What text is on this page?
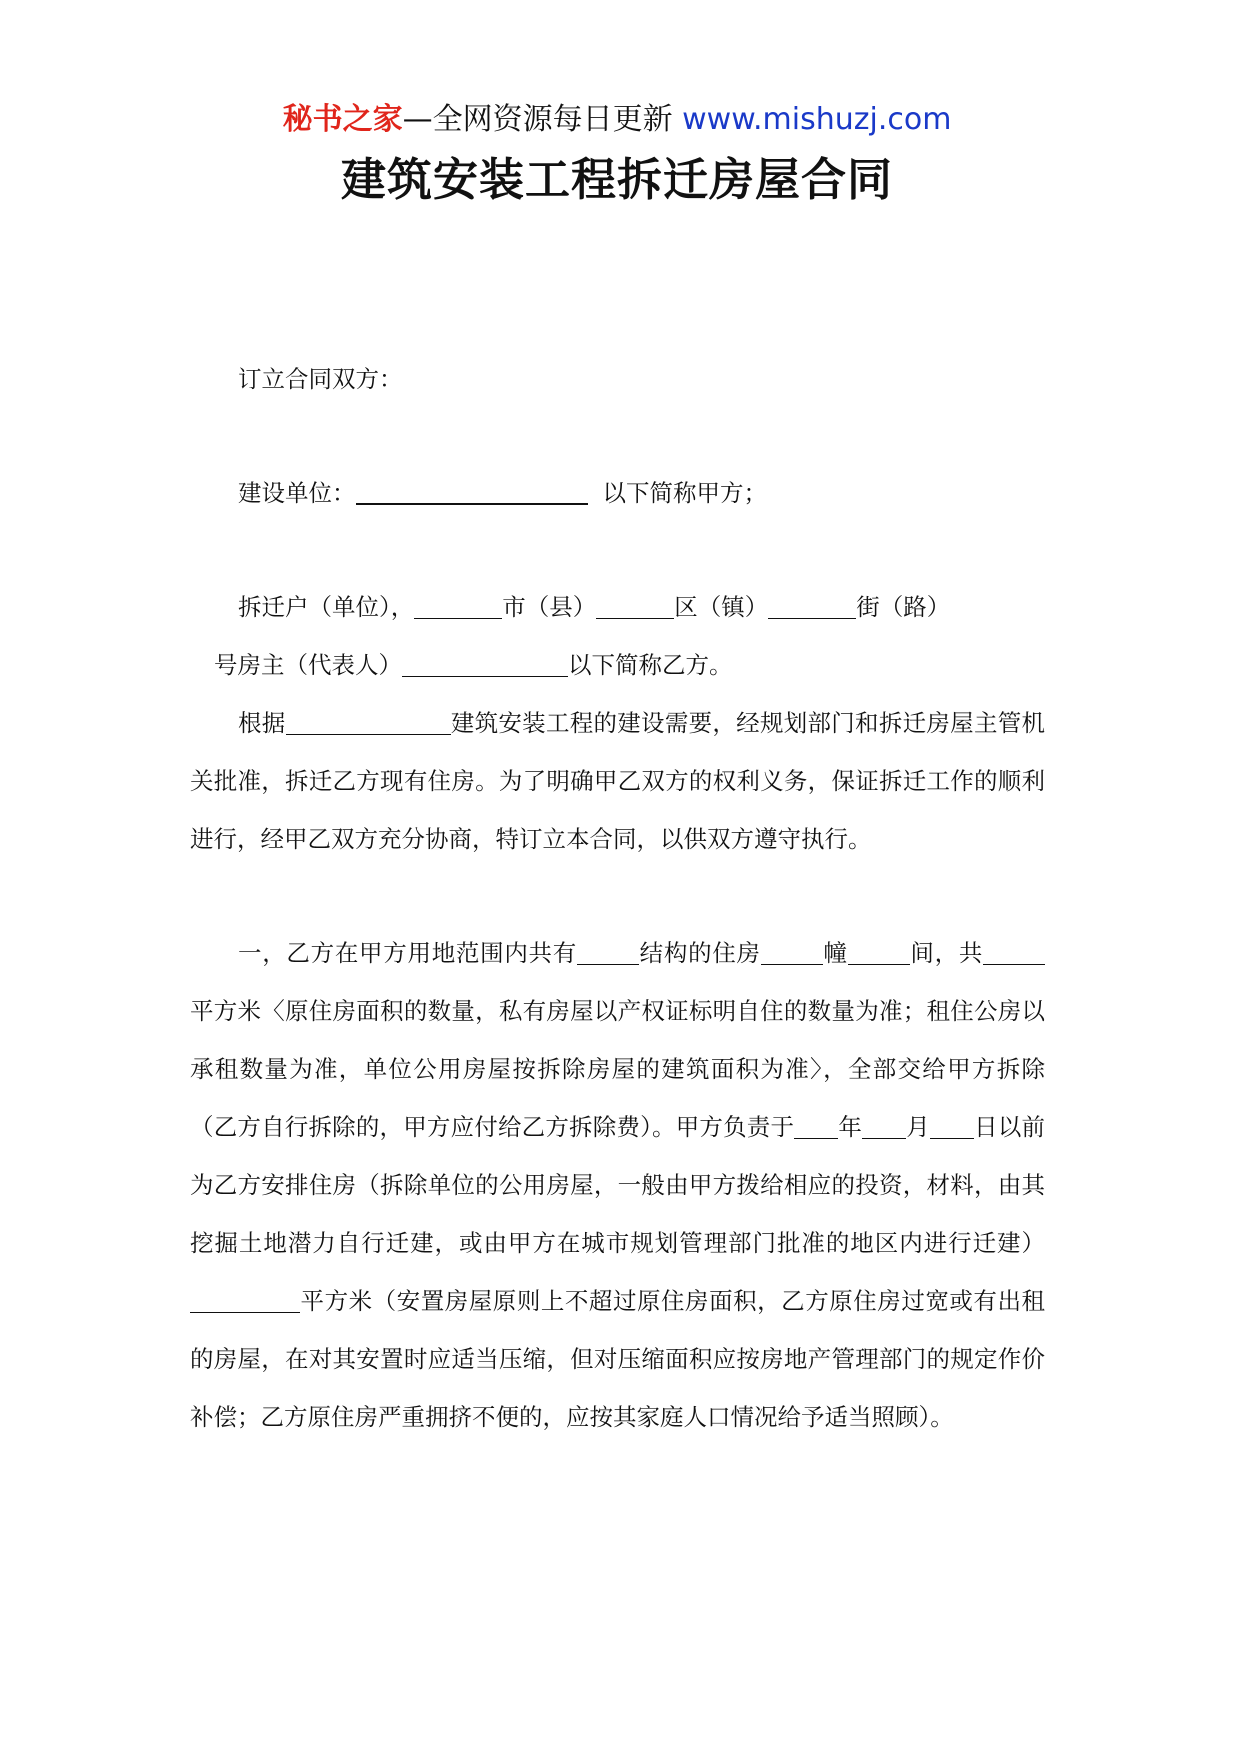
秘书之家—全网资源每日更新 www.mishuzj.com
建筑安装工程拆迁房屋合同

订立合同双方：

建设单位：	以下简称甲方；

拆迁户（单位），	市（县）	区（镇）	街（路）

号房主（代表人）	以下简称乙方。

根据	建筑安装工程的建设需要，经规划部门和拆迁房屋主管机关批准，拆迁乙方现有住房。为了明确甲乙双方的权利义务，保证拆迁工作的顺利进行，经甲乙双方充分协商，特订立本合同，以供双方遵守执行。

一，乙方在甲方用地范围内共有	结构的住房	幢	间，共平方米〈原住房面积的数量，私有房屋以产权证标明自住的数量为准；租住公房以承租数量为准，单位公用房屋按拆除房屋的建筑面积为准〉，全部交给甲方拆除（乙方自行拆除的，甲方应付给乙方拆除费）。甲方负责于 年 月 日以前为乙方安排住房（拆除单位的公用房屋，一般由甲方拨给相应的投资，材料，由其挖掘土地潜力自行迁建，或由甲方在城市规划管理部门批准的地区内进行迁建）平方米（安置房屋原则上不超过原住房面积，乙方原住房过宽或有出租的房屋，在对其安置时应适当压缩，但对压缩面积应按房地产管理部门的规定作价补偿；乙方原住房严重拥挤不便的，应按其家庭人口情况给予适当照顾）。
